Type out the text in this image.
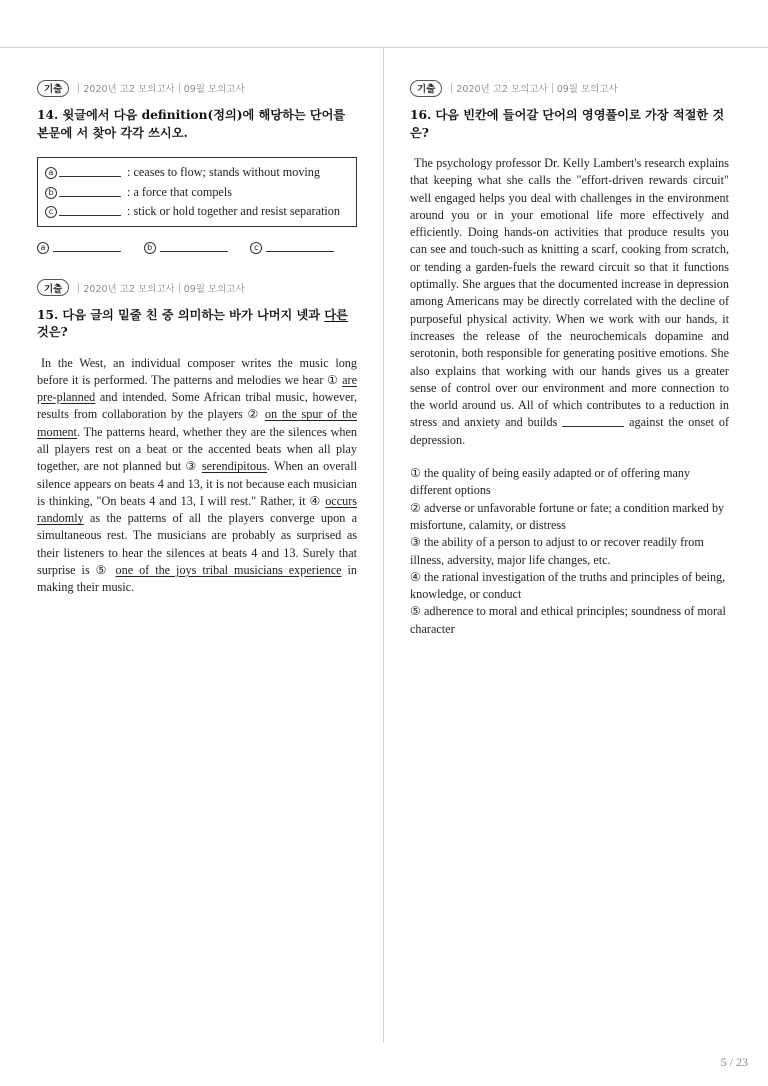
기출	2020년 고2 모의고사 09월 모의고사
14. 윗글에서 다음 definition(정의)에 해당하는 단어를 본문에 서 찾아 각각 쓰시오.
a	: ceases to flow; stands without moving
b	: a force that compels
c	: stick or hold together and resist separation
a	b	c
기출	2020년 고2 모의고사 09월 모의고사
15. 다음 글의 밑줄 친 중 의미하는 바가 나머지 넷과 다른 것은?
In the West, an individual composer writes the music long before it is performed. The patterns and melodies we hear ① are pre-planned and intended. Some African tribal music, however, results from collaboration by the players ② on the spur of the moment. The patterns heard, whether they are the silences when all players rest on a beat or the accented beats when all play together, are not planned but ③ serendipitous. When an overall silence appears on beats 4 and 13, it is not because each musician is thinking, "On beats 4 and 13, I will rest." Rather, it ④ occurs randomly as the patterns of all the players converge upon a simultaneous rest. The musicians are probably as surprised as their listeners to hear the silences at beats 4 and 13. Surely that surprise is ⑤ one of the joys tribal musicians experience in making their music.
기출	2020년 고2 모의고사 09월 모의고사
16. 다음 빈칸에 들어갈 단어의 영영풀이로 가장 적절한 것은?
The psychology professor Dr. Kelly Lambert's research explains that keeping what she calls the "effort-driven rewards circuit" well engaged helps you deal with challenges in the environment around you or in your emotional life more effectively and efficiently. Doing hands-on activities that produce results you can see and touch-such as knitting a scarf, cooking from scratch, or tending a garden-fuels the reward circuit so that it functions optimally. She argues that the documented increase in depression among Americans may be directly correlated with the decline of purposeful physical activity. When we work with our hands, it increases the release of the neurochemicals dopamine and serotonin, both responsible for generating positive emotions. She also explains that working with our hands gives us a greater sense of control over our environment and more connection to the world around us. All of which contributes to a reduction in stress and anxiety and builds	against the onset of depression.
① the quality of being easily adapted or of offering many different options
② adverse or unfavorable fortune or fate; a condition marked by misfortune, calamity, or distress
③ the ability of a person to adjust to or recover readily from illness, adversity, major life changes, etc.
④ the rational investigation of the truths and principles of being, knowledge, or conduct
⑤ adherence to moral and ethical principles; soundness of moral character
5 / 23
